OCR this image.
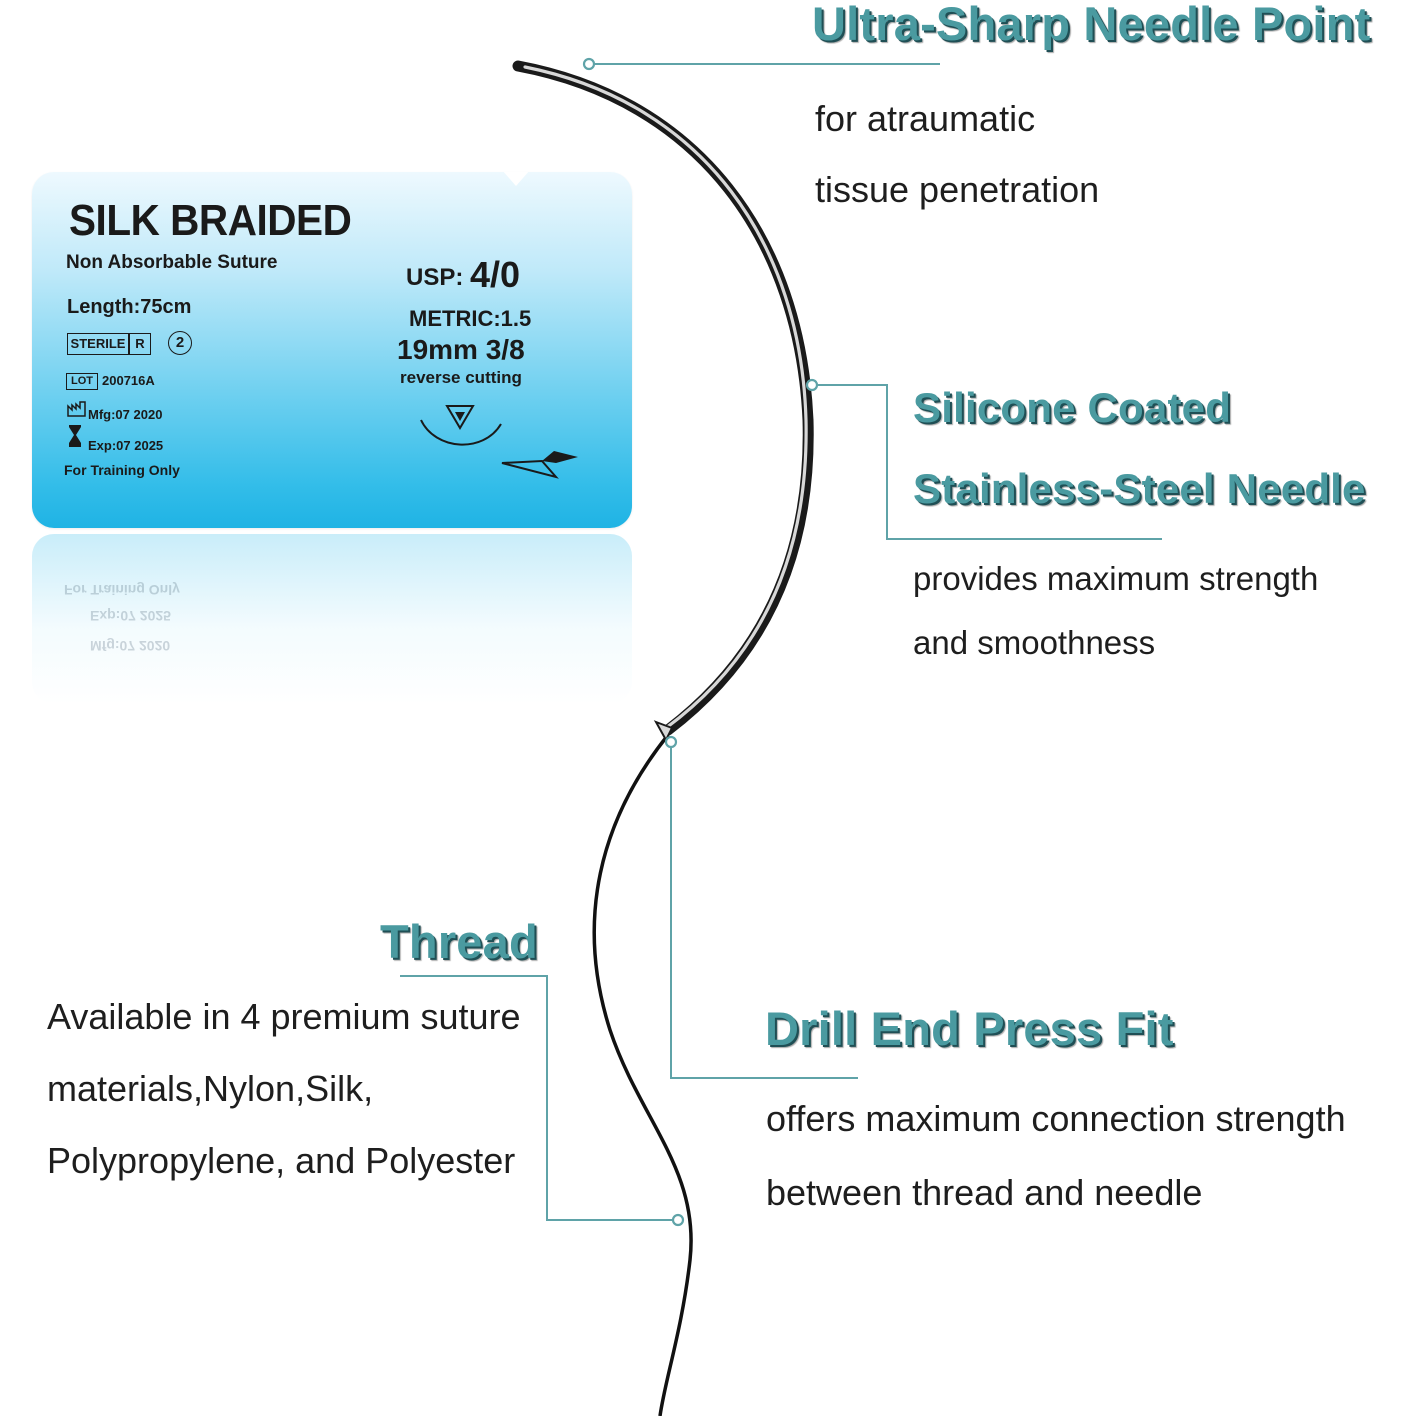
For Training Only
Exp:07 2025
Mfg:07 2020
SILK BRAIDED

Non Absorbable Suture

Length:75cm

STERILE R	2
LOT 200716A
Mfg:07 2020
Exp:07 2025
For Training Only
USP: 4/0
METRIC:1.5
19mm 3/8
reverse cutting
Ultra-Sharp Needle Point

for atraumatic

tissue penetration

Silicone Coated
Stainless-Steel Needle

provides maximum strength

and smoothness

Thread

Available in 4 premium suture

materials,Nylon,Silk,

Polypropylene, and Polyester

Drill End Press Fit

offers maximum connection strength

between thread and needle
